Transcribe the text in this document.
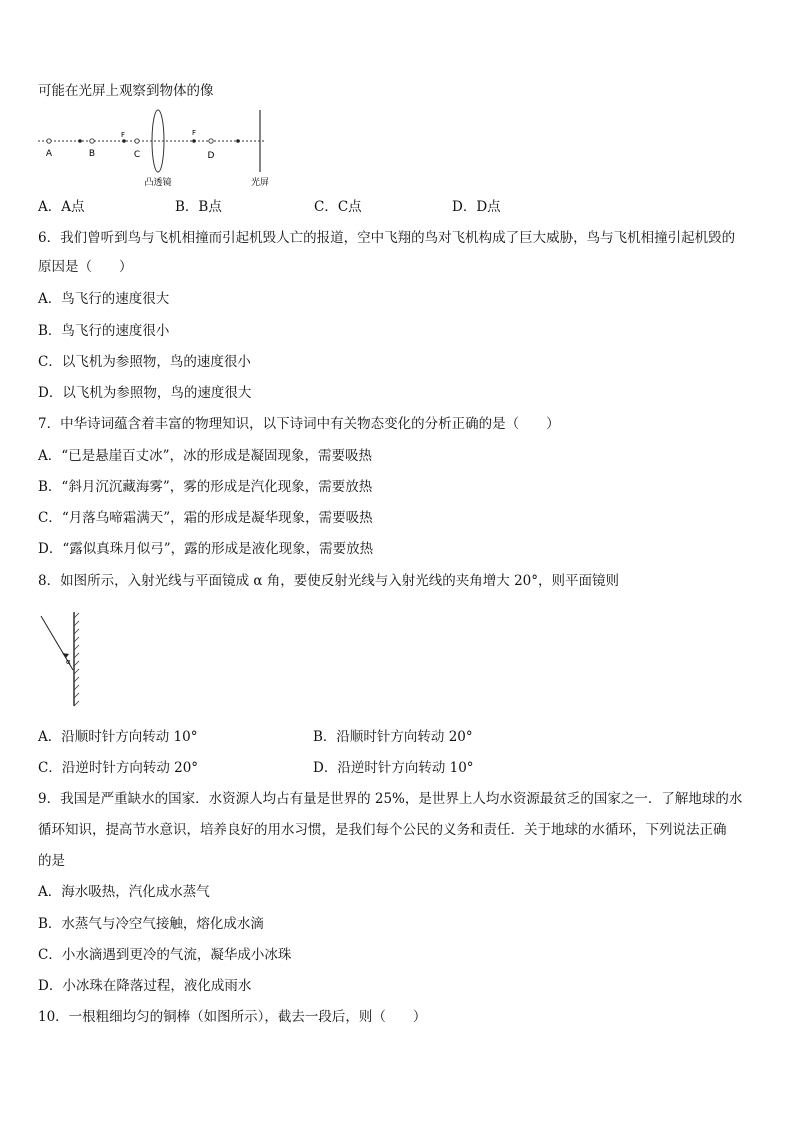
可能在光屏上观察到物体的像
A	B	C	D
F	F
凸透镜	光屏
A．A点	B．B点	C．C点	D．D点
6．我们曾听到鸟与飞机相撞而引起机毁人亡的报道，空中飞翔的鸟对飞机构成了巨大威胁，鸟与飞机相撞引起机毁的
原因是（　　）
A．鸟飞行的速度很大
B．鸟飞行的速度很小
C．以飞机为参照物，鸟的速度很小
D．以飞机为参照物，鸟的速度很大
7．中华诗词蕴含着丰富的物理知识，以下诗词中有关物态变化的分析正确的是（　　）
A．“已是悬崖百丈冰”，冰的形成是凝固现象，需要吸热
B．“斜月沉沉藏海雾”，雾的形成是汽化现象，需要放热
C．“月落乌啼霜满天”，霜的形成是凝华现象，需要吸热
D．“露似真珠月似弓”，露的形成是液化现象，需要放热
8．如图所示，入射光线与平面镜成 α 角，要使反射光线与入射光线的夹角增大 20°，则平面镜则
α
A．沿顺时针方向转动 10°	B．沿顺时针方向转动 20°
C．沿逆时针方向转动 20°	D．沿逆时针方向转动 10°
9．我国是严重缺水的国家．水资源人均占有量是世界的 25%，是世界上人均水资源最贫乏的国家之一．了解地球的水
循环知识，提高节水意识，培养良好的用水习惯，是我们每个公民的义务和责任．关于地球的水循环，下列说法正确
的是
A．海水吸热，汽化成水蒸气
B．水蒸气与冷空气接触，熔化成水滴
C．小水滴遇到更冷的气流，凝华成小冰珠
D．小冰珠在降落过程，液化成雨水
10．一根粗细均匀的铜棒（如图所示），截去一段后，则（　　）
